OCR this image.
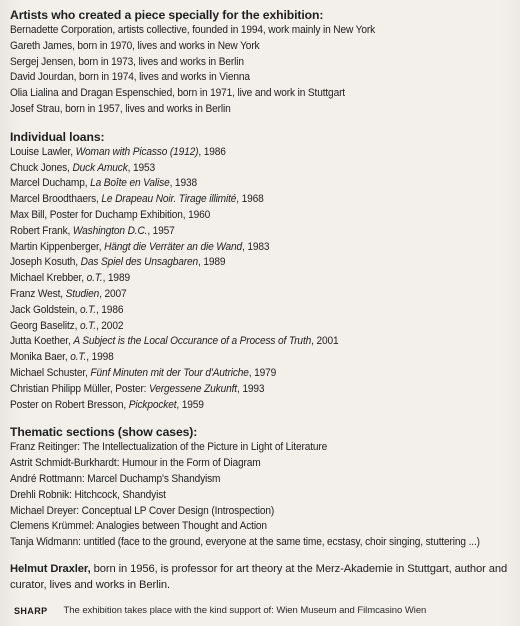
Artists who created a piece specially for the exhibition:
Bernadette Corporation, artists collective, founded in 1994, work mainly in New York
Gareth James, born in 1970, lives and works in New York
Sergej Jensen, born in 1973, lives and works in Berlin
David Jourdan, born in 1974, lives and works in Vienna
Olia Lialina and Dragan Espenschied, born in 1971, live and work in Stuttgart
Josef Strau, born in 1957, lives and works in Berlin
Individual loans:
Louise Lawler, Woman with Picasso (1912), 1986
Chuck Jones, Duck Amuck, 1953
Marcel Duchamp, La Boîte en Valise, 1938
Marcel Broodthaers, Le Drapeau Noir. Tirage illimité, 1968
Max Bill, Poster for Duchamp Exhibition, 1960
Robert Frank, Washington D.C., 1957
Martin Kippenberger, Hängt die Verräter an die Wand, 1983
Joseph Kosuth, Das Spiel des Unsagbaren, 1989
Michael Krebber, o.T., 1989
Franz West, Studien, 2007
Jack Goldstein, o.T., 1986
Georg Baselitz, o.T., 2002
Jutta Koether, A Subject is the Local Occurance of a Process of Truth, 2001
Monika Baer, o.T., 1998
Michael Schuster, Fünf Minuten mit der Tour d'Autriche, 1979
Christian Philipp Müller, Poster: Vergessene Zukunft, 1993
Poster on Robert Bresson, Pickpocket, 1959
Thematic sections (show cases):
Franz Reitinger: The Intellectualization of the Picture in Light of Literature
Astrit Schmidt-Burkhardt: Humour in the Form of Diagram
André Rottmann: Marcel Duchamp's Shandyism
Drehli Robnik: Hitchcock, Shandyist
Michael Dreyer: Conceptual LP Cover Design (Introspection)
Clemens Krümmel: Analogies between Thought and Action
Tanja Widmann: untitled (face to the ground, everyone at the same time, ecstasy, choir singing, stuttering ...)

Helmut Draxler, born in 1956, is professor for art theory at the Merz-Akademie in Stuttgart, author and curator, lives and works in Berlin.

SHARP The exhibition takes place with the kind support of: Wien Museum and Filmcasino Wien
